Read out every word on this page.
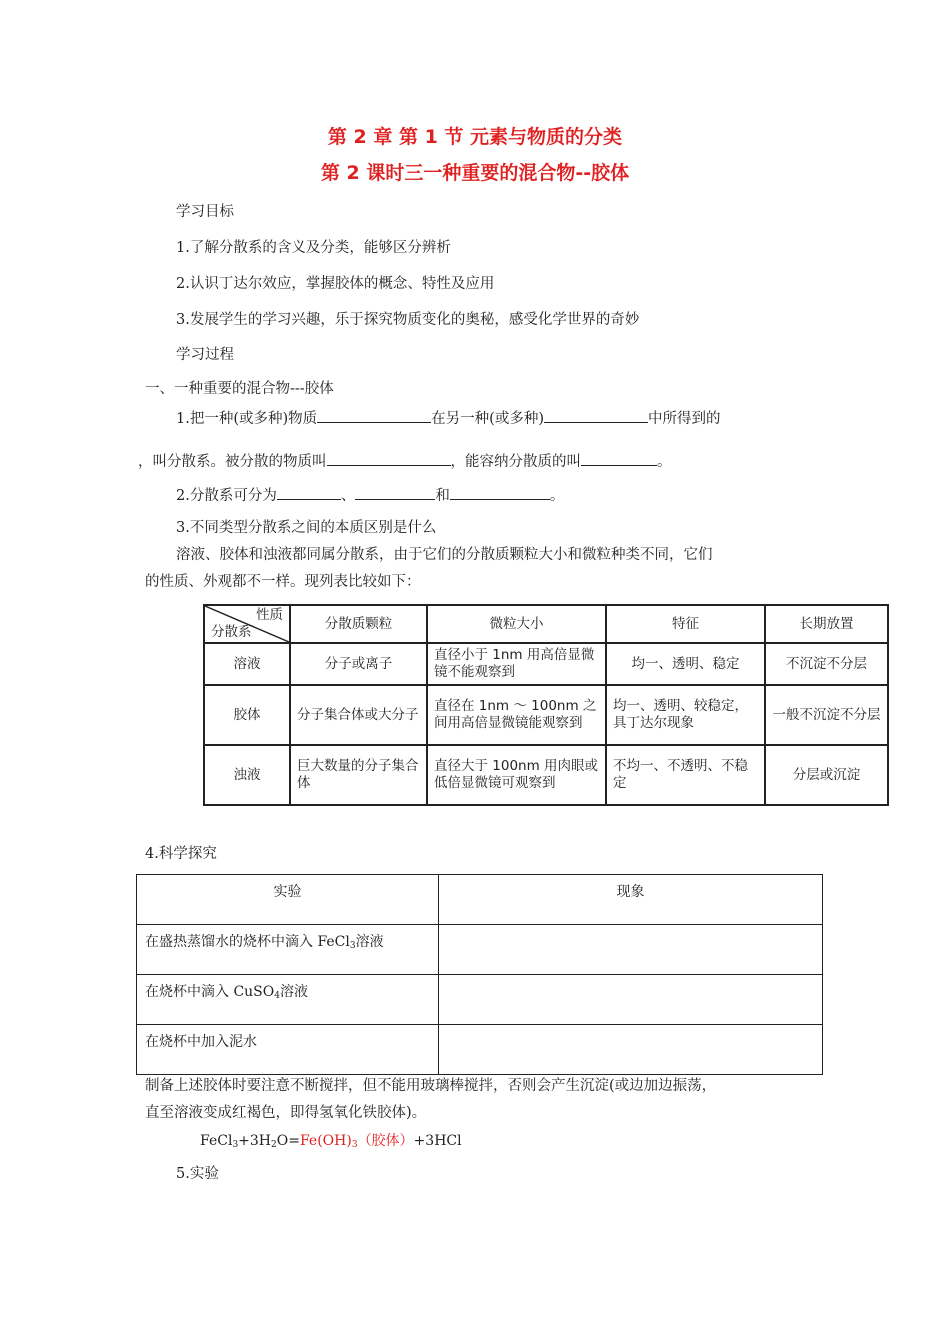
第 2 章 第 1 节 元素与物质的分类
第 2 课时三一种重要的混合物--胶体
学习目标
1.了解分散系的含义及分类，能够区分辨析
2.认识丁达尔效应，掌握胶体的概念、特性及应用
3.发展学生的学习兴趣，乐于探究物质变化的奥秘，感受化学世界的奇妙
学习过程
一、一种重要的混合物---胶体
1.把一种(或多种)物质	在另一种(或多种)	中所得到的
，叫分散系。被分散的物质叫	，能容纳分散质的叫	。
2.分散系可分为	、	和	。
3.不同类型分散系之间的本质区别是什么
溶液、胶体和浊液都同属分散系，由于它们的分散质颗粒大小和微粒种类不同，它们
的性质、外观都不一样。现列表比较如下：
性质
分散系	分散质颗粒	微粒大小	特征	长期放置
溶液	分子或离子	直径小于 1nm 用高倍显微镜不能观察到	均一、透明、稳定	不沉淀不分层
胶体	分子集合体或大分子	直径在 1nm ～ 100nm 之间用高倍显微镜能观察到	均一、透明、较稳定，具丁达尔现象	一般不沉淀不分层
浊液	巨大数量的分子集合体	直径大于 100nm 用肉眼或低倍显微镜可观察到	不均一、不透明、不稳定	分层或沉淀
4.科学探究
实验	现象
在盛热蒸馏水的烧杯中滴入 FeCl$_3$溶液	
在烧杯中滴入 CuSO$_4$溶液	
在烧杯中加入泥水	
制备上述胶体时要注意不断搅拌，但不能用玻璃棒搅拌，否则会产生沉淀(或边加边振荡，
直至溶液变成红褐色，即得氢氧化铁胶体)。
$FeCl_3+3H_2O=Fe(OH)_3$（胶体）+3HCl
5.实验
